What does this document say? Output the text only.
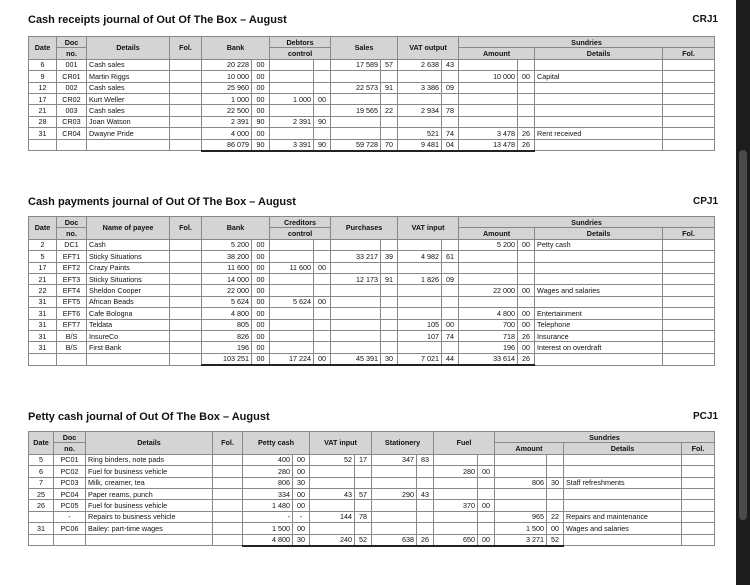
Cash receipts journal of Out Of The Box – August	CRJ1
Date	Doc	Details	Fol.	Bank		Debtors		Sales		VAT output		Sundries			
	no.					control						Amount		Details	Fol.
6	001	Cash sales		20 228	00			17 589	57	2 638	43				
9	CR01	Martin Riggs		10 000	00							10 000	00	Capital	
12	002	Cash sales		25 960	00			22 573	91	3 386	09				
17	CR02	Kurt Weller		1 000	00	1 000	00								
21	003	Cash sales		22 500	00			19 565	22	2 934	78				
28	CR03	Joan Watson		2 391	90	2 391	90								
31	CR04	Dwayne Pride		4 000	00					521	74	3 478	26	Rent received	
				86 079	90	3 391	90	59 728	70	9 481	04	13 478	26		
Cash payments journal of Out Of The Box – August	CPJ1
Date	Doc	Name of payee	Fol.	Bank		Creditors		Purchases		VAT input		Sundries			
	no.					control						Amount		Details	Fol.
2	DC1	Cash		5 200	00							5 200	00	Petty cash	
5	EFT1	Sticky Situations		38 200	00			33 217	39	4 982	61				
17	EFT2	Crazy Paints		11 600	00	11 600	00								
21	EFT3	Sticky Situations		14 000	00			12 173	91	1 826	09				
22	EFT4	Sheldon Cooper		22 000	00							22 000	00	Wages and salaries	
31	EFT5	African Beads		5 624	00	5 624	00								
31	EFT6	Cafe Bologna		4 800	00							4 800	00	Entertainment	
31	EFT7	Teldata		805	00					105	00	700	00	Telephone	
31	B/S	InsureCo		826	00					107	74	718	26	Insurance	
31	B/S	First Bank		196	00							196	00	Interest on overdraft	
				103 251	00	17 224	00	45 391	30	7 021	44	33 614	26		
Petty cash journal of Out Of The Box – August	PCJ1
Date	Doc	Details	Fol.	Petty cash		VAT input		Stationery		Fuel		Sundries			
	no.											Amount		Details	Fol.
5	PC01	Ring binders, note pads		400	00	52	17	347	83						
6	PC02	Fuel for business vehicle		280	00					280	00				
7	PC03	Milk, creamer, tea		806	30							806	30	Staff refreshments	
25	PC04	Paper reams, punch		334	00	43	57	290	43						
26	PC05	Fuel for business vehicle		1 480	00					370	00				
	-	Repairs to business vehicle		-	-	144	78					965	22	Repairs and maintenance	
31	PC06	Bailey: part-time wages		1 500	00							1 500	00	Wages and salaries	
				4 800	30	240	52	638	26	650	00	3 271	52		
